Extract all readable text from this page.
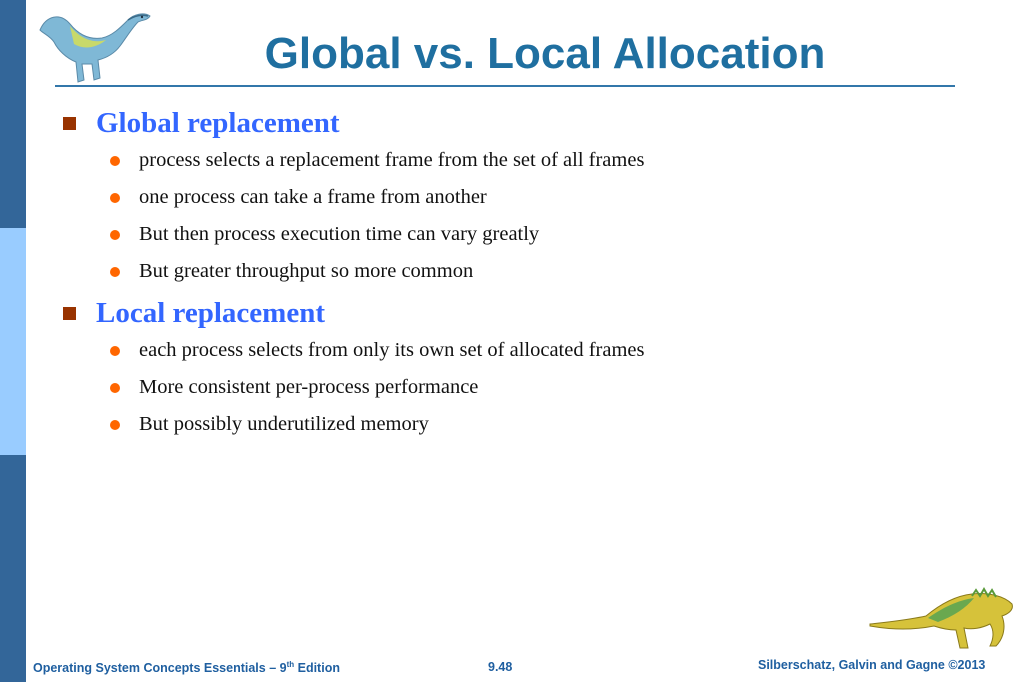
Global vs. Local Allocation
Global replacement
process selects a replacement frame from the set of all frames
one process can take a frame from another
But then process execution time can vary greatly
But greater throughput so more common
Local replacement
each process selects from only its own set of allocated frames
More consistent per-process performance
But possibly underutilized memory
Operating System Concepts Essentials – 9th Edition	9.48	Silberschatz, Galvin and Gagne ©2013
